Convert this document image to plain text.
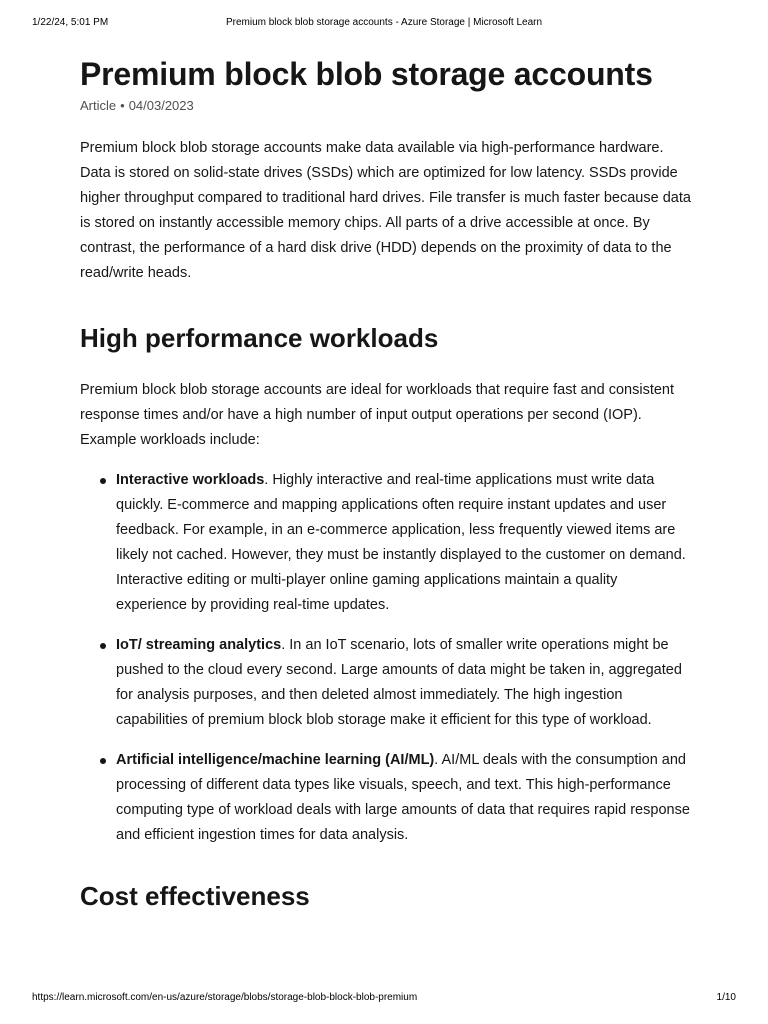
1/22/24, 5:01 PM	Premium block blob storage accounts - Azure Storage | Microsoft Learn
Premium block blob storage accounts
Article • 04/03/2023

Premium block blob storage accounts make data available via high-performance hardware. Data is stored on solid-state drives (SSDs) which are optimized for low latency. SSDs provide higher throughput compared to traditional hard drives. File transfer is much faster because data is stored on instantly accessible memory chips. All parts of a drive accessible at once. By contrast, the performance of a hard disk drive (HDD) depends on the proximity of data to the read/write heads.

High performance workloads

Premium block blob storage accounts are ideal for workloads that require fast and consistent response times and/or have a high number of input output operations per second (IOP). Example workloads include:

Interactive workloads. Highly interactive and real-time applications must write data quickly. E-commerce and mapping applications often require instant updates and user feedback. For example, in an e-commerce application, less frequently viewed items are likely not cached. However, they must be instantly displayed to the customer on demand. Interactive editing or multi-player online gaming applications maintain a quality experience by providing real-time updates.
IoT/ streaming analytics. In an IoT scenario, lots of smaller write operations might be pushed to the cloud every second. Large amounts of data might be taken in, aggregated for analysis purposes, and then deleted almost immediately. The high ingestion capabilities of premium block blob storage make it efficient for this type of workload.
Artificial intelligence/machine learning (AI/ML). AI/ML deals with the consumption and processing of different data types like visuals, speech, and text. This high-performance computing type of workload deals with large amounts of data that requires rapid response and efficient ingestion times for data analysis.
Cost effectiveness
https://learn.microsoft.com/en-us/azure/storage/blobs/storage-blob-block-blob-premium	1/10
